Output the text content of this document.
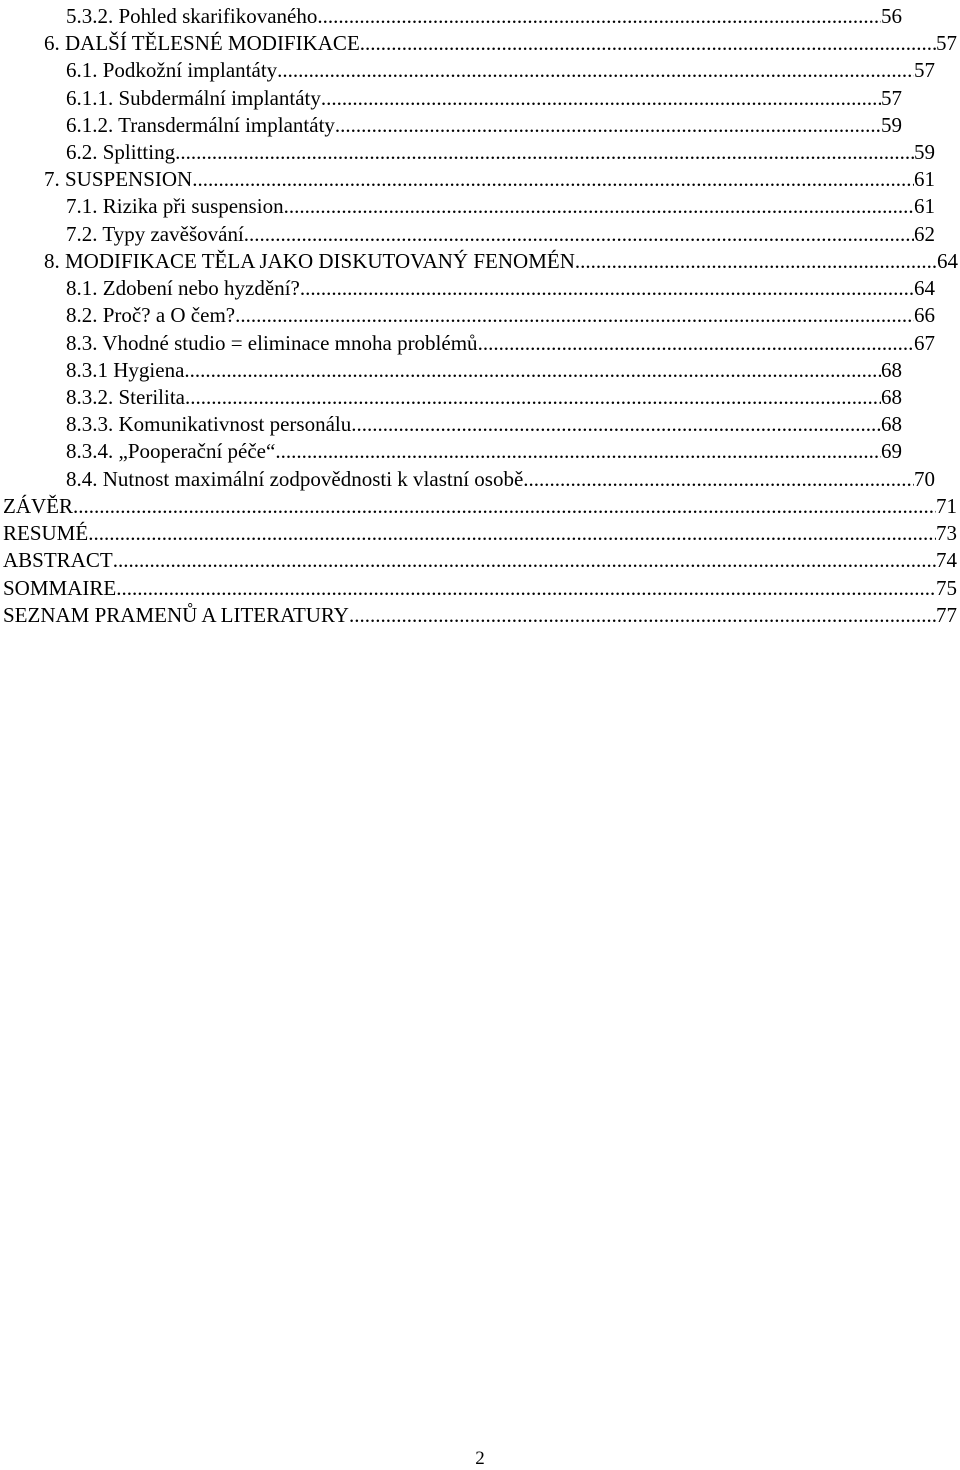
5.3.2. Pohled skarifikovaného .....	56
6. DALŠÍ TĚLESNÉ MODIFIKACE .....	57
6.1. Podkožní implantáty .....	57
6.1.1. Subdermální implantáty .....	57
6.1.2. Transdermální implantáty .....	59
6.2. Splitting .....	59
7. SUSPENSION .....	61
7.1. Rizika při suspension .....	61
7.2. Typy zavěšování .....	62
8. MODIFIKACE TĚLA JAKO DISKUTOVANÝ FENOMÉN .....	64
8.1. Zdobení nebo hyzdění? .....	64
8.2. Proč? a O čem? .....	66
8.3. Vhodné studio = eliminace mnoha problémů .....	67
8.3.1 Hygiena .....	68
8.3.2. Sterilita .....	68
8.3.3. Komunikativnost personálu .....	68
8.3.4. „Pooperační péče“ .....	69
8.4. Nutnost maximální zodpovědnosti k vlastní osobě .....	70
ZÁVĚR .....	71
RESUMÉ .....	73
ABSTRACT .....	74
SOMMAIRE .....	75
SEZNAM PRAMENŮ A LITERATURY .....	77
2
